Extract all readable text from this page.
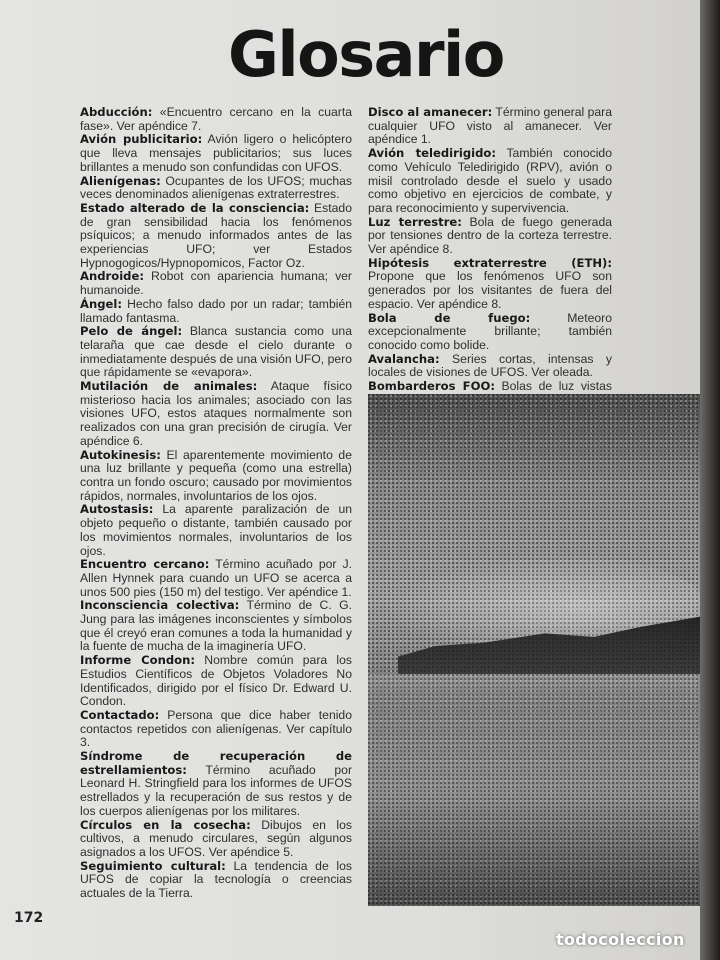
Glosario

Abducción: «Encuentro cercano en la cuarta fase». Ver apéndice 7.

Avión publicitario: Avión ligero o helicóptero que lleva mensajes publicitarios; sus luces brillantes a menudo son confundidas con UFOS.

Alienígenas: Ocupantes de los UFOS; muchas veces denominados alienígenas extraterrestres.

Estado alterado de la consciencia: Estado de gran sensibilidad hacia los fenómenos psíquicos; a menudo informados antes de las experiencias UFO; ver Estados Hypnogogicos/Hypnopomicos, Factor Oz.

Androide: Robot con apariencia humana; ver humanoide.

Ángel: Hecho falso dado por un radar; también llamado fantasma.

Pelo de ángel: Blanca sustancia como una telaraña que cae desde el cielo durante o inmediatamente después de una visión UFO, pero que rápidamente se «evapora».

Mutilación de animales: Ataque físico misterioso hacia los animales; asociado con las visiones UFO, estos ataques normalmente son realizados con una gran precisión de cirugía. Ver apéndice 6.

Autokinesis: El aparentemente movimiento de una luz brillante y pequeña (como una estrella) contra un fondo oscuro; causado por movimientos rápidos, normales, involuntarios de los ojos.

Autostasis: La aparente paralización de un objeto pequeño o distante, también causado por los movimientos normales, involuntarios de los ojos.

Encuentro cercano: Término acuñado por J. Allen Hynnek para cuando un UFO se acerca a unos 500 pies (150 m) del testigo. Ver apéndice 1.

Inconsciencia colectiva: Término de C. G. Jung para las imágenes inconscientes y símbolos que él creyó eran comunes a toda la humanidad y la fuente de mucha de la imaginería UFO.

Informe Condon: Nombre común para los Estudios Científicos de Objetos Voladores No Identificados, dirigido por el físico Dr. Edward U. Condon.

Contactado: Persona que dice haber tenido contactos repetidos con alienígenas. Ver capítulo 3.

Síndrome de recuperación de estrellamientos: Término acuñado por Leonard H. Stringfield para los informes de UFOS estrellados y la recuperación de sus restos y de los cuerpos alienígenas por los militares.

Círculos en la cosecha: Dibujos en los cultivos, a menudo circulares, según algunos asignados a los UFOS. Ver apéndice 5.

Seguimiento cultural: La tendencia de los UFOS de copiar la tecnología o creencias actuales de la Tierra.

Disco al amanecer: Término general para cualquier UFO visto al amanecer. Ver apéndice 1.

Avión teledirigido: También conocido como Vehículo Teledirigido (RPV), avión o misil controlado desde el suelo y usado como objetivo en ejercicios de combate, y para reconocimiento y supervivencia.

Luz terrestre: Bola de fuego generada por tensiones dentro de la corteza terrestre. Ver apéndice 8.

Hipótesis extraterrestre (ETH): Propone que los fenómenos UFO son generados por los visitantes de fuera del espacio. Ver apéndice 8.

Bola de fuego: Meteoro excepcionalmente brillante; también conocido como bolide.

Avalancha: Series cortas, intensas y locales de visiones de UFOS. Ver oleada.

Bombarderos FOO: Bolas de luz vistas

172
todocoleccion
